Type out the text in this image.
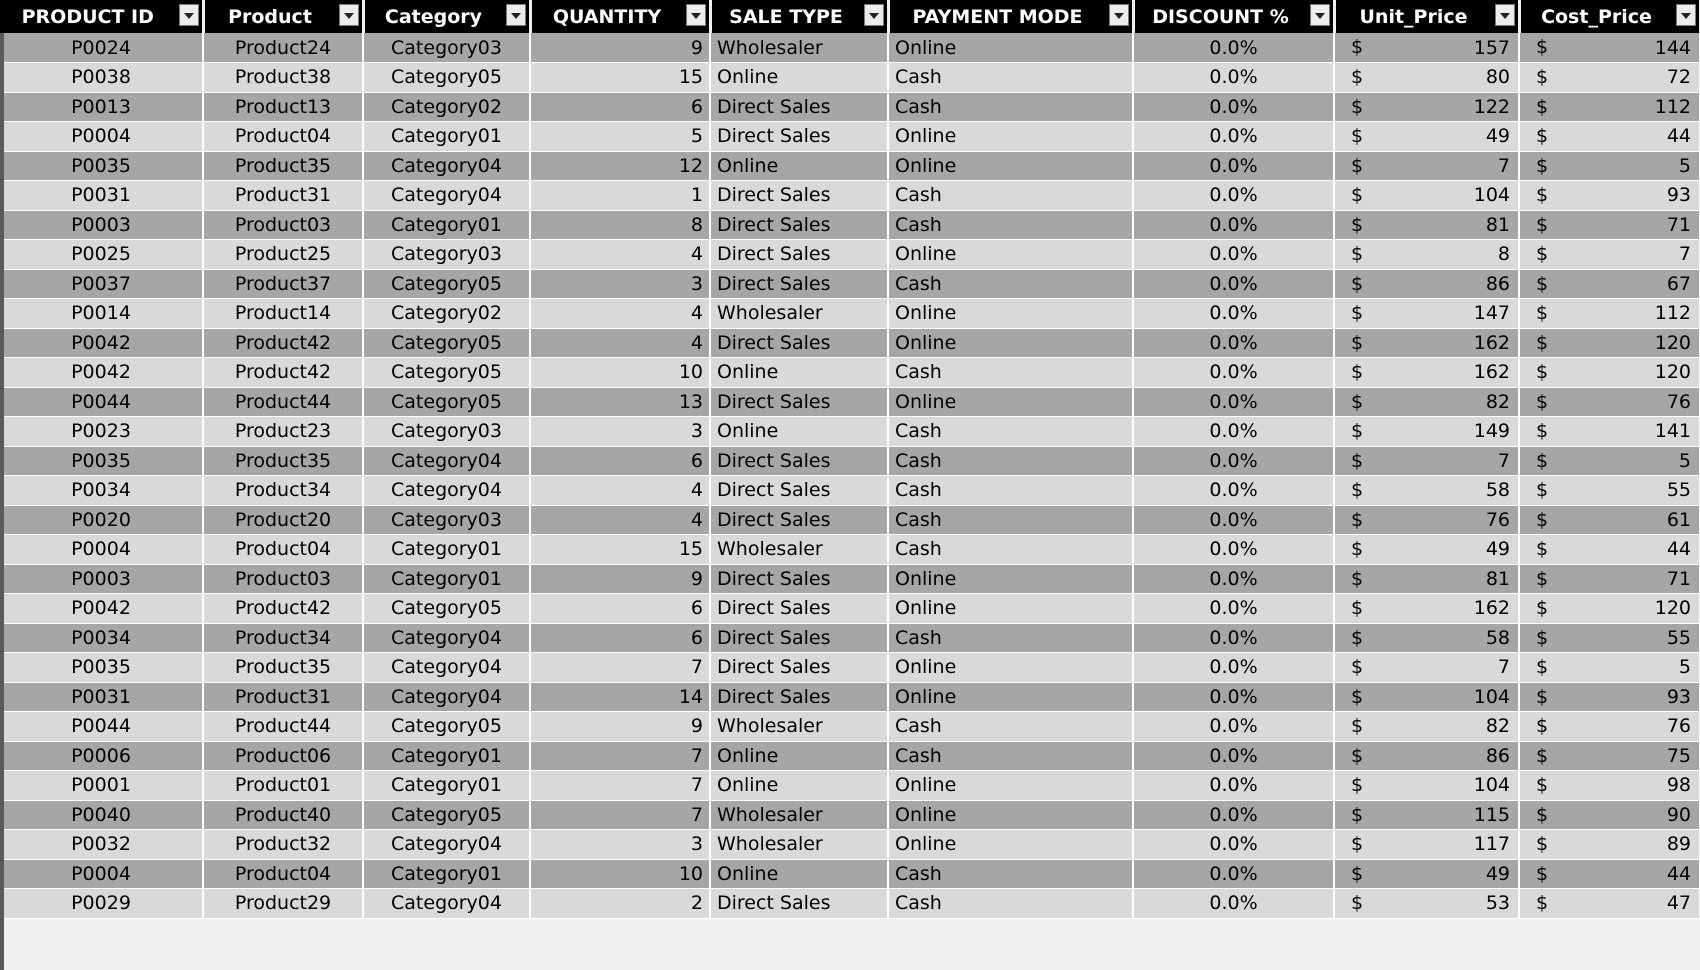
PRODUCT ID	Product	Category	QUANTITY	SALE TYPE	PAYMENT MODE	DISCOUNT %	Unit_Price	Cost_Price

P0024	Product24	Category03	9	Wholesaler	Online	0.0%	$ 157	$ 144

P0038	Product38	Category05	15	Online	Cash	0.0%	$ 80	$ 72

P0013	Product13	Category02	6	Direct Sales	Cash	0.0%	$ 122	$ 112

P0004	Product04	Category01	5	Direct Sales	Online	0.0%	$ 49	$ 44

P0035	Product35	Category04	12	Online	Online	0.0%	$ 7	$ 5

P0031	Product31	Category04	1	Direct Sales	Cash	0.0%	$ 104	$ 93

P0003	Product03	Category01	8	Direct Sales	Cash	0.0%	$ 81	$ 71

P0025	Product25	Category03	4	Direct Sales	Online	0.0%	$ 8	$ 7

P0037	Product37	Category05	3	Direct Sales	Cash	0.0%	$ 86	$ 67

P0014	Product14	Category02	4	Wholesaler	Online	0.0%	$ 147	$ 112

P0042	Product42	Category05	4	Direct Sales	Online	0.0%	$ 162	$ 120

P0042	Product42	Category05	10	Online	Cash	0.0%	$ 162	$ 120

P0044	Product44	Category05	13	Direct Sales	Online	0.0%	$ 82	$ 76

P0023	Product23	Category03	3	Online	Cash	0.0%	$ 149	$ 141

P0035	Product35	Category04	6	Direct Sales	Cash	0.0%	$ 7	$ 5

P0034	Product34	Category04	4	Direct Sales	Cash	0.0%	$ 58	$ 55

P0020	Product20	Category03	4	Direct Sales	Cash	0.0%	$ 76	$ 61

P0004	Product04	Category01	15	Wholesaler	Cash	0.0%	$ 49	$ 44

P0003	Product03	Category01	9	Direct Sales	Online	0.0%	$ 81	$ 71

P0042	Product42	Category05	6	Direct Sales	Online	0.0%	$ 162	$ 120

P0034	Product34	Category04	6	Direct Sales	Cash	0.0%	$ 58	$ 55

P0035	Product35	Category04	7	Direct Sales	Online	0.0%	$ 7	$ 5

P0031	Product31	Category04	14	Direct Sales	Online	0.0%	$ 104	$ 93

P0044	Product44	Category05	9	Wholesaler	Cash	0.0%	$ 82	$ 76

P0006	Product06	Category01	7	Online	Cash	0.0%	$ 86	$ 75

P0001	Product01	Category01	7	Online	Online	0.0%	$ 104	$ 98

P0040	Product40	Category05	7	Wholesaler	Online	0.0%	$ 115	$ 90

P0032	Product32	Category04	3	Wholesaler	Online	0.0%	$ 117	$ 89

P0004	Product04	Category01	10	Online	Cash	0.0%	$ 49	$ 44

P0029	Product29	Category04	2	Direct Sales	Cash	0.0%	$ 53	$ 47
